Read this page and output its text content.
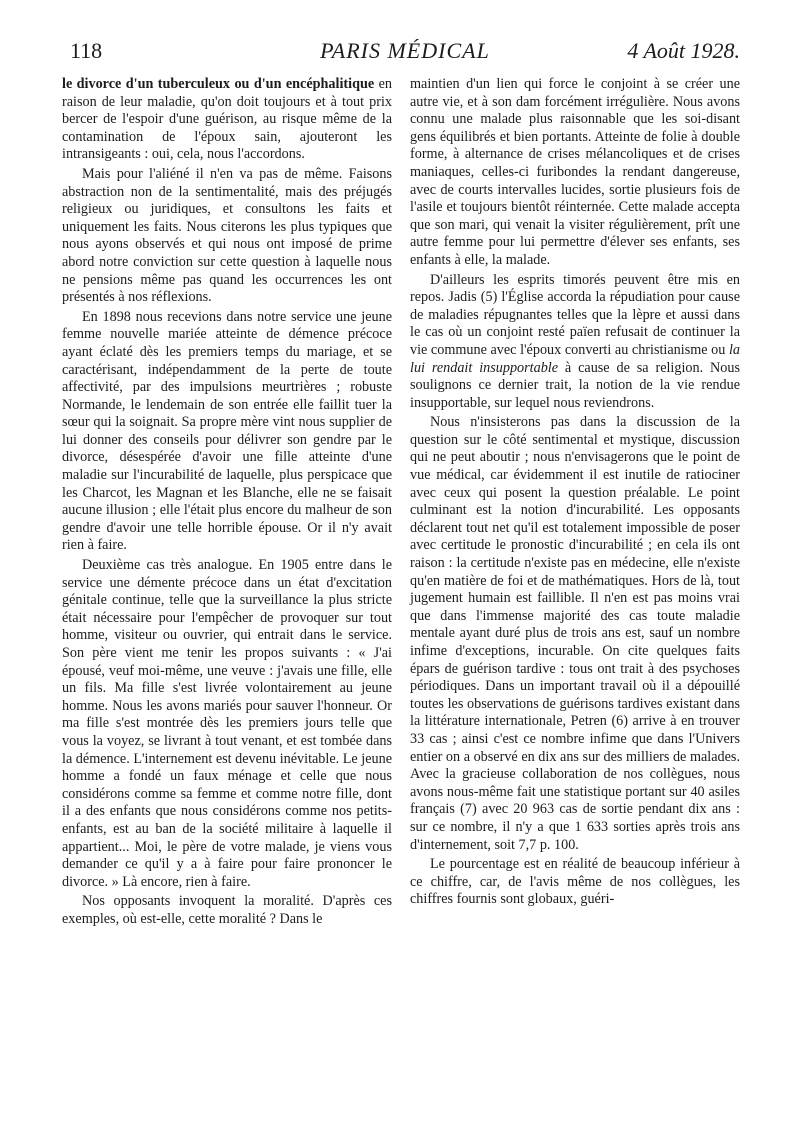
118	PARIS MÉDICAL	4 Août 1928.

le divorce d'un tuberculeux ou d'un encéphalitique en raison de leur maladie, qu'on doit toujours et à tout prix bercer de l'espoir d'une guérison, au risque même de la contamination de l'époux sain, ajouteront les intransigeants : oui, cela, nous l'accordons.

Mais pour l'aliéné il n'en va pas de même. Faisons abstraction non de la sentimentalité, mais des préjugés religieux ou juridiques, et consultons les faits et uniquement les faits. Nous citerons les plus typiques que nous ayons observés et qui nous ont imposé de prime abord notre conviction sur cette question à laquelle nous ne pensions même pas quand les occurrences les ont présentés à nos réflexions.

En 1898 nous recevions dans notre service une jeune femme nouvelle mariée atteinte de démence précoce ayant éclaté dès les premiers temps du mariage, et se caractérisant, indépendamment de la perte de toute affectivité, par des impulsions meurtrières ; robuste Normande, le lendemain de son entrée elle faillit tuer la sœur qui la soignait. Sa propre mère vint nous supplier de lui donner des conseils pour délivrer son gendre par le divorce, désespérée d'avoir une fille atteinte d'une maladie sur l'incurabilité de laquelle, plus perspicace que les Charcot, les Magnan et les Blanche, elle ne se faisait aucune illusion ; elle l'était plus encore du malheur de son gendre d'avoir une telle horrible épouse. Or il n'y avait rien à faire.

Deuxième cas très analogue. En 1905 entre dans le service une démente précoce dans un état d'excitation génitale continue, telle que la surveillance la plus stricte était nécessaire pour l'empêcher de provoquer sur tout homme, visiteur ou ouvrier, qui entrait dans le service. Son père vient me tenir les propos suivants : « J'ai épousé, veuf moi-même, une veuve : j'avais une fille, elle un fils. Ma fille s'est livrée volontairement au jeune homme. Nous les avons mariés pour sauver l'honneur. Or ma fille s'est montrée dès les premiers jours telle que vous la voyez, se livrant à tout venant, et est tombée dans la démence. L'internement est devenu inévitable. Le jeune homme a fondé un faux ménage et celle que nous considérons comme sa femme et comme notre fille, dont il a des enfants que nous considérons comme nos petits-enfants, est au ban de la société militaire à laquelle il appartient... Moi, le père de votre malade, je viens vous demander ce qu'il y a à faire pour faire prononcer le divorce. » Là encore, rien à faire.

Nos opposants invoquent la moralité. D'après ces exemples, où est-elle, cette moralité ? Dans le

maintien d'un lien qui force le conjoint à se créer une autre vie, et à son dam forcément irrégulière. Nous avons connu une malade plus raisonnable que les soi-disant gens équilibrés et bien portants. Atteinte de folie à double forme, à alternance de crises mélancoliques et de crises maniaques, celles-ci furibondes la rendant dangereuse, avec de courts intervalles lucides, sortie plusieurs fois de l'asile et toujours bientôt réinternée. Cette malade accepta que son mari, qui venait la visiter régulièrement, prît une autre femme pour lui permettre d'élever ses enfants, ses enfants à elle, la malade.

D'ailleurs les esprits timorés peuvent être mis en repos. Jadis (5) l'Église accorda la répudiation pour cause de maladies répugnantes telles que la lèpre et aussi dans le cas où un conjoint resté païen refusait de continuer la vie commune avec l'époux converti au christianisme ou la lui rendait insupportable à cause de sa religion. Nous soulignons ce dernier trait, la notion de la vie rendue insupportable, sur lequel nous reviendrons.

Nous n'insisterons pas dans la discussion de la question sur le côté sentimental et mystique, discussion qui ne peut aboutir ; nous n'envisagerons que le point de vue médical, car évidemment il est inutile de ratiociner avec ceux qui posent la question préalable. Le point culminant est la notion d'incurabilité. Les opposants déclarent tout net qu'il est totalement impossible de poser avec certitude le pronostic d'incurabilité ; en cela ils ont raison : la certitude n'existe pas en médecine, elle n'existe qu'en matière de foi et de mathématiques. Hors de là, tout jugement humain est faillible. Il n'en est pas moins vrai que dans l'immense majorité des cas toute maladie mentale ayant duré plus de trois ans est, sauf un nombre infime d'exceptions, incurable. On cite quelques faits épars de guérison tardive : tous ont trait à des psychoses périodiques. Dans un important travail où il a dépouillé toutes les observations de guérisons tardives existant dans la littérature internationale, Petren (6) arrive à en trouver 33 cas ; ainsi c'est ce nombre infime que dans l'Univers entier on a observé en dix ans sur des milliers de malades. Avec la gracieuse collaboration de nos collègues, nous avons nous-même fait une statistique portant sur 40 asiles français (7) avec 20 963 cas de sortie pendant dix ans : sur ce nombre, il n'y a que 1 633 sorties après trois ans d'internement, soit 7,7 p. 100.

Le pourcentage est en réalité de beaucoup inférieur à ce chiffre, car, de l'avis même de nos collègues, les chiffres fournis sont globaux, guéri-
